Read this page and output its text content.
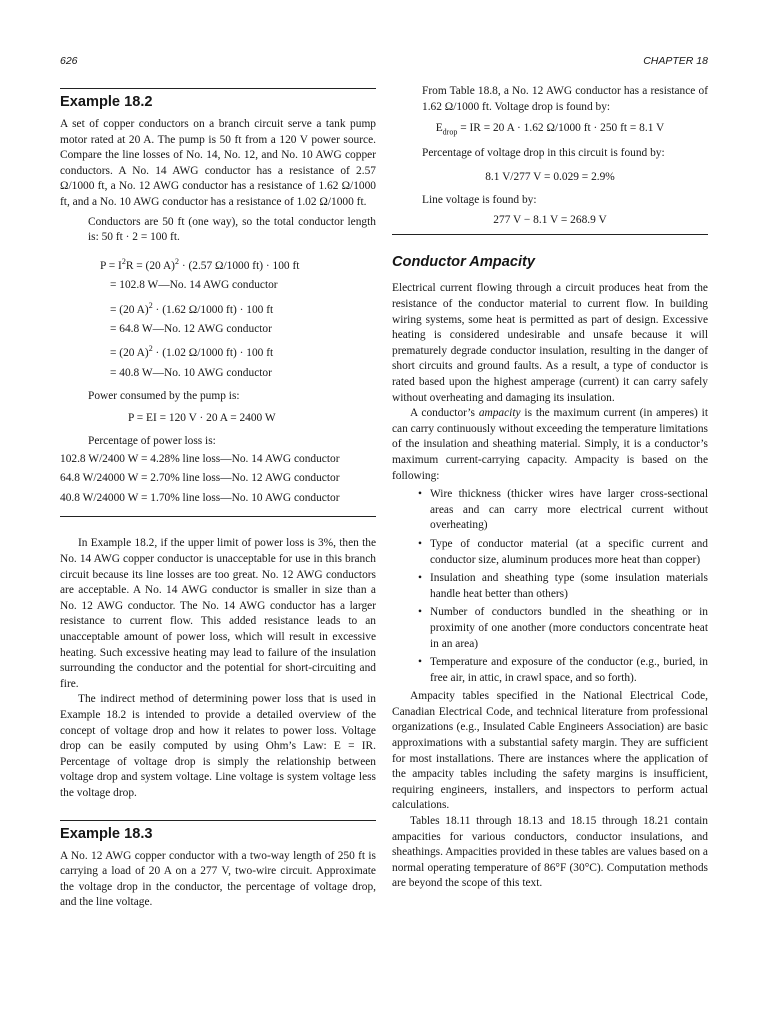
626	CHAPTER 18
Example 18.2

A set of copper conductors on a branch circuit serve a tank pump motor rated at 20 A. The pump is 50 ft from a 120 V power source. Compare the line losses of No. 14, No. 12, and No. 10 AWG copper conductors. A No. 14 AWG conductor has a resistance of 2.57 Ω/1000 ft, a No. 12 AWG conductor has a resistance of 1.62 Ω/1000 ft, and a No. 10 AWG conductor has a resistance of 1.02 Ω/1000 ft.

Conductors are 50 ft (one way), so the total conductor length is: 50 ft · 2 = 100 ft.

$P = I^2R = (20$ A)$^2$ · (2.57 Ω/1000 ft) · 100 ft
= 102.8 W—No. 14 AWG conductor
= (20 A)$^2$ · (1.62 Ω/1000 ft) · 100 ft
= 64.8 W—No. 12 AWG conductor
= (20 A)$^2$ · (1.02 Ω/1000 ft) · 100 ft
= 40.8 W—No. 10 AWG conductor

Power consumed by the pump is:

P = EI = 120 V · 20 A = 2400 W

Percentage of power loss is:

102.8 W/2400 W = 4.28% line loss—No. 14 AWG conductor
64.8 W/24000 W = 2.70% line loss—No. 12 AWG conductor
40.8 W/24000 W = 1.70% line loss—No. 10 AWG conductor

In Example 18.2, if the upper limit of power loss is 3%, then the No. 14 AWG copper conductor is unacceptable for use in this branch circuit because its line losses are too great. No. 12 AWG conductors are acceptable. A No. 14 AWG conductor is smaller in size than a No. 12 AWG conductor. The No. 14 AWG conductor has a larger resistance to current flow. This added resistance leads to an unacceptable amount of power loss, which will result in excessive heating. Such excessive heating may lead to failure of the insulation surrounding the conductor and the potential for short-circuiting and fire.

The indirect method of determining power loss that is used in Example 18.2 is intended to provide a detailed overview of the concept of voltage drop and how it relates to power loss. Voltage drop can be easily computed by using Ohm’s Law: E = IR. Percentage of voltage drop is simply the relationship between voltage drop and system voltage. Line voltage is system voltage less the voltage drop.

Example 18.3

A No. 12 AWG copper conductor with a two-way length of 250 ft is carrying a load of 20 A on a 277 V, two-wire circuit. Approximate the voltage drop in the conductor, the percentage of voltage drop, and the line voltage.

From Table 18.8, a No. 12 AWG conductor has a resistance of 1.62 Ω/1000 ft. Voltage drop is found by:

$E_{drop}$ = IR = 20 A · 1.62 Ω/1000 ft · 250 ft = 8.1 V

Percentage of voltage drop in this circuit is found by:

8.1 V/277 V = 0.029 = 2.9%

Line voltage is found by:

277 V − 8.1 V = 268.9 V

Conductor Ampacity

Electrical current flowing through a circuit produces heat from the resistance of the conductor material to current flow. In building wiring systems, some heat is permitted as part of design. Excessive heating is considered undesirable and unsafe because it will prematurely degrade conductor insulation, resulting in the danger of short circuits and ground faults. As a result, a type of conductor is rated based upon the highest amperage (current) it can carry safely without overheating and damaging its insulation.

A conductor’s ampacity is the maximum current (in amperes) it can carry continuously without exceeding the temperature limitations of the insulation and sheathing material. Simply, it is a conductor’s maximum current-carrying capacity. Ampacity is based on the following:

• Wire thickness (thicker wires have larger cross-sectional areas and can carry more electrical current without overheating)
• Type of conductor material (at a specific current and conductor size, aluminum produces more heat than copper)
• Insulation and sheathing type (some insulation materials handle heat better than others)
• Number of conductors bundled in the sheathing or in proximity of one another (more conductors concentrate heat in an area)
• Temperature and exposure of the conductor (e.g., buried, in free air, in attic, in crawl space, and so forth).

Ampacity tables specified in the National Electrical Code, Canadian Electrical Code, and technical literature from professional organizations (e.g., Insulated Cable Engineers Association) are basic approximations with a substantial safety margin. They are sufficient for most installations. There are instances where the application of the ampacity tables including the safety margins is insufficient, requiring engineers, installers, and inspectors to perform actual calculations.

Tables 18.11 through 18.13 and 18.15 through 18.21 contain ampacities for various conductors, conductor insulations, and sheathings. Ampacities provided in these tables are values based on a normal operating temperature of 86°F (30°C). Computation methods are beyond the scope of this text.
